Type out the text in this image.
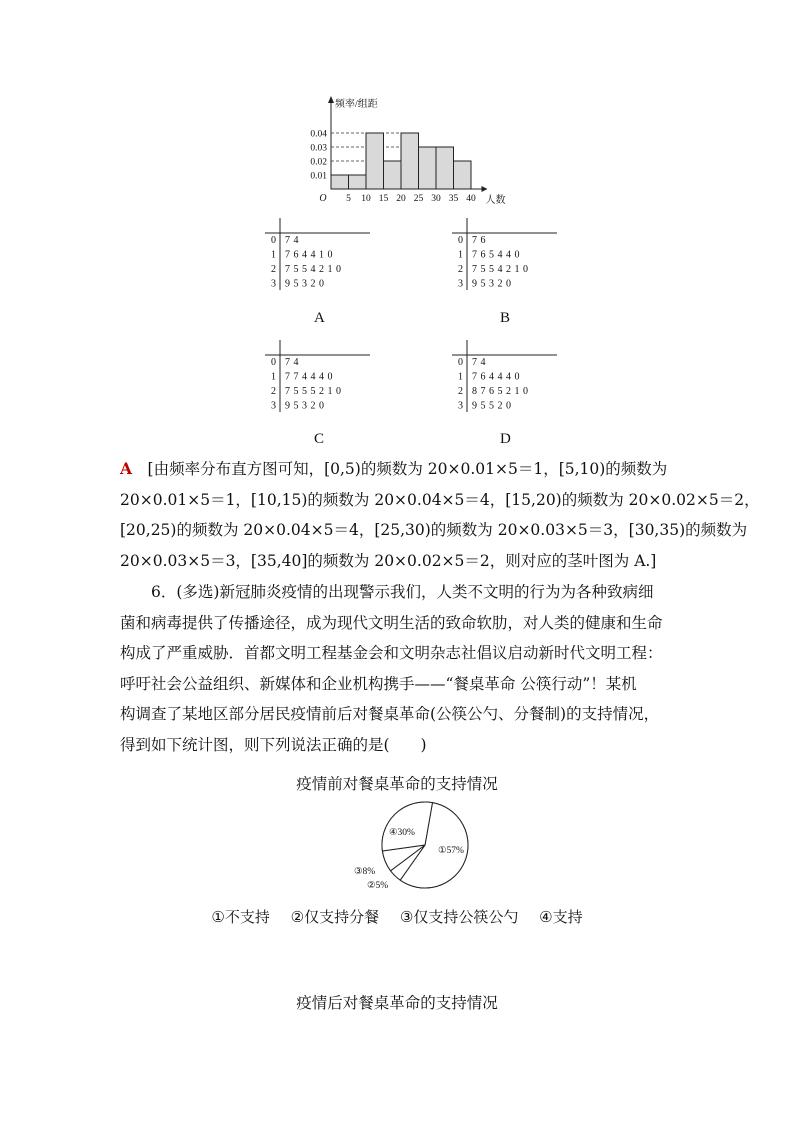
0.04
0.03
0.02
0.01
5 10 15 20 25 30 35 40
O
频率/组距
人数
0 7 4
1 7 6 4 4 1 0
2 7 5 5 4 2 1 0
3 9 5 3 2 0
A
0 7 6
1 7 6 5 4 4 0
2 7 5 5 4 2 1 0
3 9 5 3 2 0
B
0 7 4
1 7 7 4 4 4 0
2 7 5 5 5 2 1 0
3 9 5 3 2 0
C
0 7 4
1 7 6 4 4 4 0
2 8 7 6 5 2 1 0
3 9 5 5 2 0
D
A　 [由频率分布直方图可知，[0,5)的频数为 20×0.01×5＝1，[5,10)的频数为
20×0.01×5＝1，[10,15)的频数为 20×0.04×5＝4，[15,20)的频数为 20×0.02×5＝2，
[20,25)的频数为 20×0.04×5＝4，[25,30)的频数为 20×0.03×5＝3，[30,35)的频数为
20×0.03×5＝3，[35,40]的频数为 20×0.02×5＝2，则对应的茎叶图为 A.]
6．(多选)新冠肺炎疫情的出现警示我们，人类不文明的行为为各种致病细
菌和病毒提供了传播途径，成为现代文明生活的致命软肋，对人类的健康和生命
构成了严重威胁．首都文明工程基金会和文明杂志社倡议启动新时代文明工程：
呼吁社会公益组织、新媒体和企业机构携手——“餐桌革命 公筷行动”！某机
构调查了某地区部分居民疫情前后对餐桌革命(公筷公勺、分餐制)的支持情况，
得到如下统计图，则下列说法正确的是(　　)
疫情前对餐桌革命的支持情况
①57%
④30%
③8%
②5%
①不支持 ②仅支持分餐 ③仅支持公筷公勺 ④支持
疫情后对餐桌革命的支持情况
